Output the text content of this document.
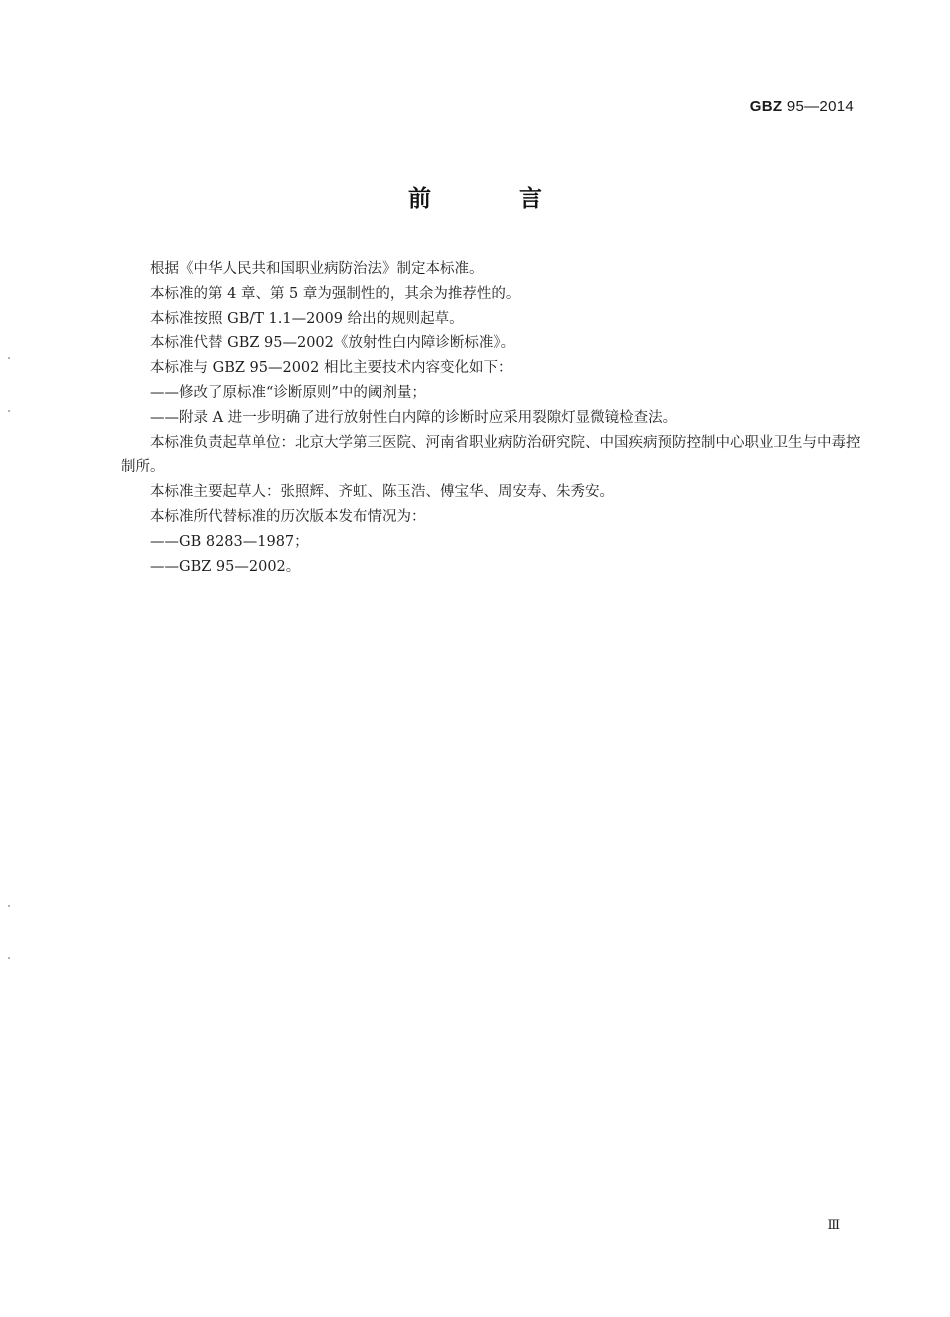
GBZ 95—2014
前 言

根据《中华人民共和国职业病防治法》制定本标准。

本标准的第 4 章、第 5 章为强制性的，其余为推荐性的。

本标准按照 GB/T 1.1—2009 给出的规则起草。

本标准代替 GBZ 95—2002《放射性白内障诊断标准》。

本标准与 GBZ 95—2002 相比主要技术内容变化如下：

——修改了原标准“诊断原则”中的阈剂量；

——附录 A 进一步明确了进行放射性白内障的诊断时应采用裂隙灯显微镜检查法。

本标准负责起草单位：北京大学第三医院、河南省职业病防治研究院、中国疾病预防控制中心职业卫生与中毒控制所。

本标准主要起草人：张照辉、齐虹、陈玉浩、傅宝华、周安寿、朱秀安。

本标准所代替标准的历次版本发布情况为：

——GB 8283—1987；

——GBZ 95—2002。

Ⅲ
